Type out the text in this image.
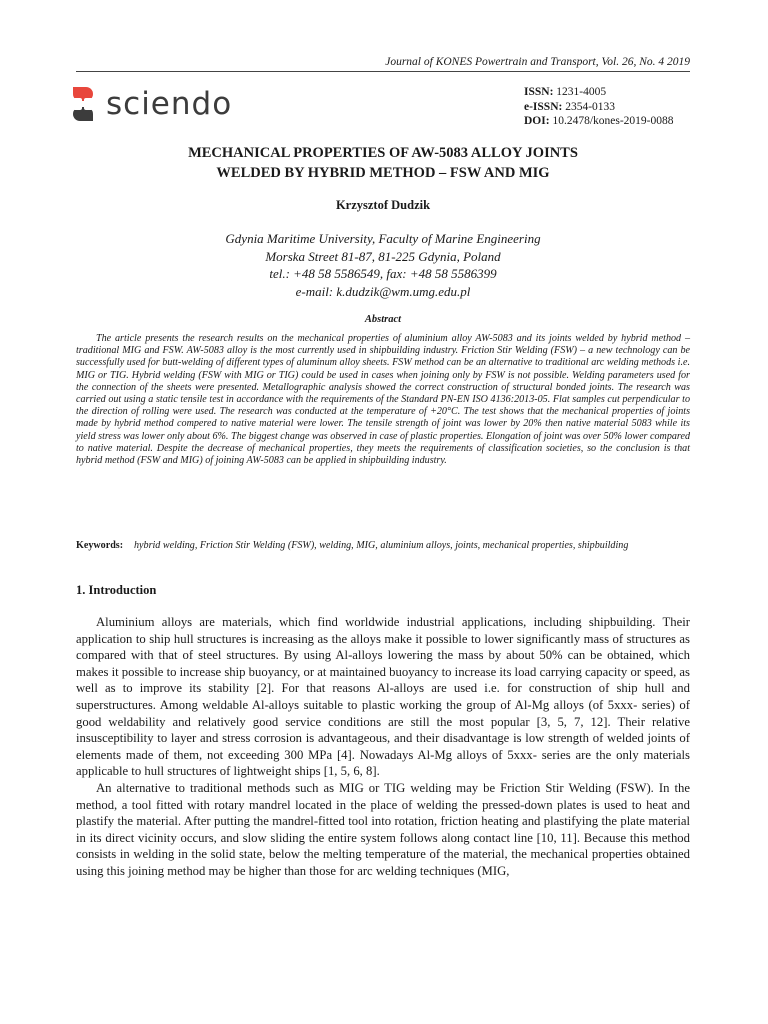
Journal of KONES Powertrain and Transport, Vol. 26, No. 4 2019
sciendo	ISSN: 1231-4005
e-ISSN: 2354-0133
DOI: 10.2478/kones-2019-0088
MECHANICAL PROPERTIES OF AW-5083 ALLOY JOINTS
WELDED BY HYBRID METHOD – FSW AND MIG
Krzysztof Dudzik
Gdynia Maritime University, Faculty of Marine Engineering
Morska Street 81-87, 81-225 Gdynia, Poland
tel.: +48 58 5586549, fax: +48 58 5586399
e-mail: k.dudzik@wm.umg.edu.pl
Abstract
The article presents the research results on the mechanical properties of aluminium alloy AW-5083 and its joints welded by hybrid method – traditional MIG and FSW. AW-5083 alloy is the most currently used in shipbuilding industry. Friction Stir Welding (FSW) – a new technology can be successfully used for butt-welding of different types of aluminum alloy sheets. FSW method can be an alternative to traditional arc welding methods i.e. MIG or TIG. Hybrid welding (FSW with MIG or TIG) could be used in cases when joining only by FSW is not possible. Welding parameters used for the connection of the sheets were presented. Metallographic analysis showed the correct construction of structural bonded joints. The research was carried out using a static tensile test in accordance with the requirements of the Standard PN-EN ISO 4136:2013-05. Flat samples cut perpendicular to the direction of rolling were used. The research was conducted at the temperature of +20°C. The test shows that the mechanical properties of joints made by hybrid method compered to native material were lower. The tensile strength of joint was lower by 20% then native material 5083 while its yield stress was lower only about 6%. The biggest change was observed in case of plastic properties. Elongation of joint was over 50% lower compared to native material. Despite the decrease of mechanical properties, they meets the requirements of classification societies, so the conclusion is that hybrid method (FSW and MIG) of joining AW-5083 can be applied in shipbuilding industry.
Keywords: hybrid welding, Friction Stir Welding (FSW), welding, MIG, aluminium alloys, joints, mechanical properties, shipbuilding
1. Introduction

Aluminium alloys are materials, which find worldwide industrial applications, including shipbuilding. Their application to ship hull structures is increasing as the alloys make it possible to lower significantly mass of structures as compared with that of steel structures. By using Al-alloys lowering the mass by about 50% can be obtained, which makes it possible to increase ship buoyancy, or at maintained buoyancy to increase its load carrying capacity or speed, as well as to improve its stability [2]. For that reasons Al-alloys are used i.e. for construction of ship hull and superstructures. Among weldable Al-alloys suitable to plastic working the group of Al-Mg alloys (of 5xxx- series) of good weldability and relatively good service conditions are still the most popular [3, 5, 7, 12]. Their relative insusceptibility to layer and stress corrosion is advantageous, and their disadvantage is low strength of welded joints of elements made of them, not exceeding 300 MPa [4]. Nowadays Al-Mg alloys of 5xxx- series are the only materials applicable to hull structures of lightweight ships [1, 5, 6, 8].

An alternative to traditional methods such as MIG or TIG welding may be Friction Stir Welding (FSW). In the method, a tool fitted with rotary mandrel located in the place of welding the pressed-down plates is used to heat and plastify the material. After putting the mandrel-fitted tool into rotation, friction heating and plastifying the plate material in its direct vicinity occurs, and slow sliding the entire system follows along contact line [10, 11]. Because this method consists in welding in the solid state, below the melting temperature of the material, the mechanical properties obtained using this joining method may be higher than those for arc welding techniques (MIG,
